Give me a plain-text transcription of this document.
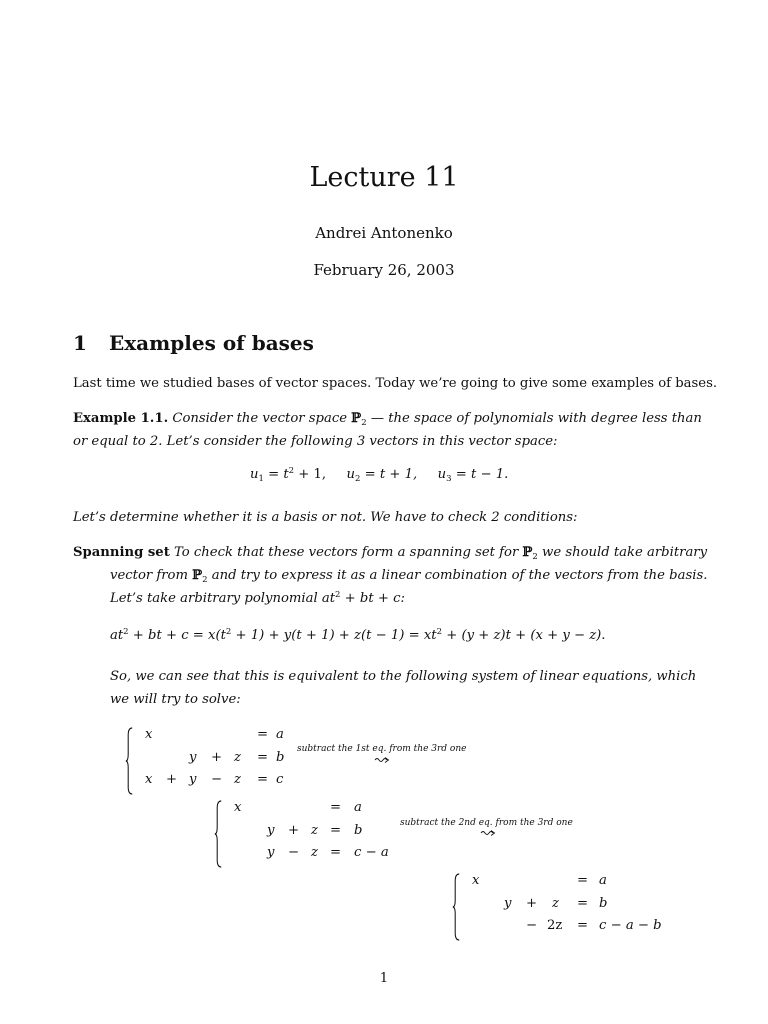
Lecture 11
Andrei Antonenko
February 26, 2003
1 Examples of bases
Last time we studied bases of vector spaces. Today we’re going to give some examples of bases.
Example 1.1. Consider the vector space ℙ$_2$ — the space of polynomials with degree less than
or equal to 2. Let’s consider the following 3 vectors in this vector space:
$u_1 = t^2 + 1$, $u_2 = t + 1$, $u_3 = t - 1$.
Let’s determine whether it is a basis or not. We have to check 2 conditions:
Spanning set To check that these vectors form a spanning set for ℙ$_2$ we should take arbitrary
vector from ℙ$_2$ and try to express it as a linear combination of the vectors from the basis.
Let’s take arbitrary polynomial $at^2$ + bt + c:
$at^2$ + bt + $c = x(t^2 + 1) + y(t + 1) + z(t - 1) = xt^2 + (y + z)t + (x + y - z)$.
So, we can see that this is equivalent to the following system of linear equations, which
we will try to solve:
x	= a
y + z = b
x + y − z = c
subtract the 1st eq. from the 3rd one
x	= a
y + z = b
y − z = c − a
subtract the 2nd eq. from the 3rd one
x	= a
y + z = b
− 2z = c − a − b
1
